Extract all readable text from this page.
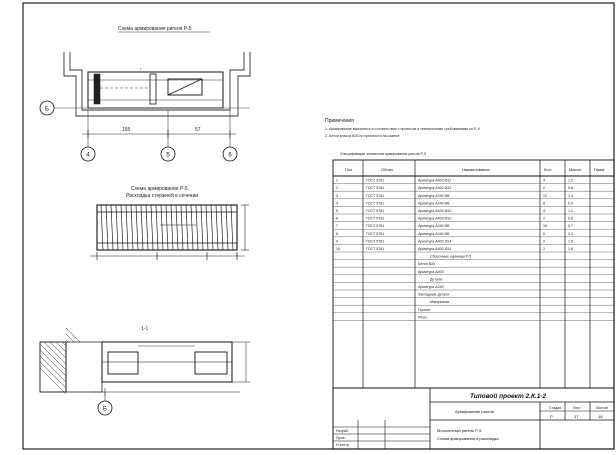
Схема армирования ригеля Р-5
▪
155	57
Б
4	5	6
Схема армирования Р-5
Раскладка стержней в сечении
1-1
Б
Примечания
1. Армирование выполнять в соответствии с проектом и техническими требованиями по Р-5
2. Бетон класса В25 по прочности на сжатие
Спецификация элементов армирования ригеля Р-5
Поз.	Обозн.	Наименование	Кол.	Масса	Прим.
1	ГОСТ 5781	Арматура А400 Ø12	4	1,2
2	ГОСТ 5781	Арматура А400 Ø12	2	0,8
3	ГОСТ 5781	Арматура А240 Ø8	12	1,4
4	ГОСТ 5781	Арматура А240 Ø8	8	0,9
5	ГОСТ 5781	Арматура А400 Ø10	4	1,1
6	ГОСТ 5781	Арматура А400 Ø10	2	0,6
7	ГОСТ 5781	Арматура А240 Ø6	16	0,7
8	ГОСТ 5781	Арматура А240 Ø6	6	0,3
9	ГОСТ 5781	Арматура А400 Ø14	2	1,6
10	ГОСТ 5781	Арматура А400 Ø14	2	1,6
Сборочные единицы Р-5
Бетон В25
Арматура А400
Детали
Арматура А240
Закладные детали
Материалы
Прочее
Итого
Типовой проект 2.К.1-2
Армирование ригеля
Монолитный ригель Р-5
Схема армирования и раскладка
Стадия	Лист	Листов
Р	17	18
Разраб.
Пров.
Н.контр.
